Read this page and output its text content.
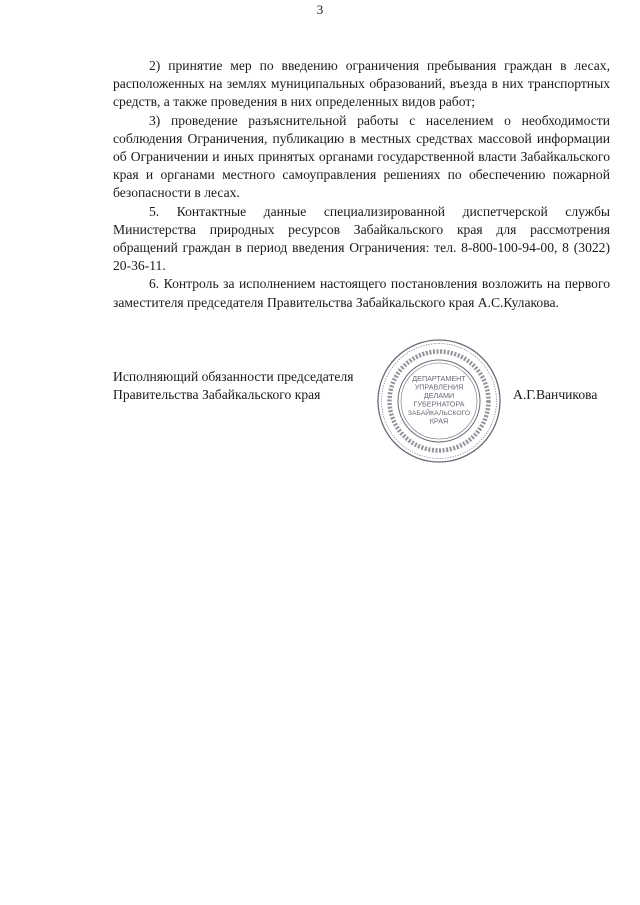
3

2) принятие мер по введению ограничения пребывания граждан в лесах, расположенных на землях муниципальных образований, въезда в них транспортных средств, а также проведения в них определенных видов работ;

3) проведение разъяснительной работы с населением о необходимости соблюдения Ограничения, публикацию в местных средствах массовой информации об Ограничении и иных принятых органами государственной власти Забайкальского края и органами местного самоуправления решениях по обеспечению пожарной безопасности в лесах.

5. Контактные данные специализированной диспетчерской службы Министерства природных ресурсов Забайкальского края для рассмотрения обращений граждан в период введения Ограничения: тел. 8-800-100-94-00, 8 (3022) 20-36-11.

6. Контроль за исполнением настоящего постановления возложить на первого заместителя председателя Правительства Забайкальского края А.С.Кулакова.

Исполняющий обязанности председателя
Правительства Забайкальского края	А.Г.Ванчикова
ДЕПАРТАМЕНТ
УПРАВЛЕНИЯ
ДЕЛАМИ
ГУБЕРНАТОРА
ЗАБАЙКАЛЬСКОГО
КРАЯ
